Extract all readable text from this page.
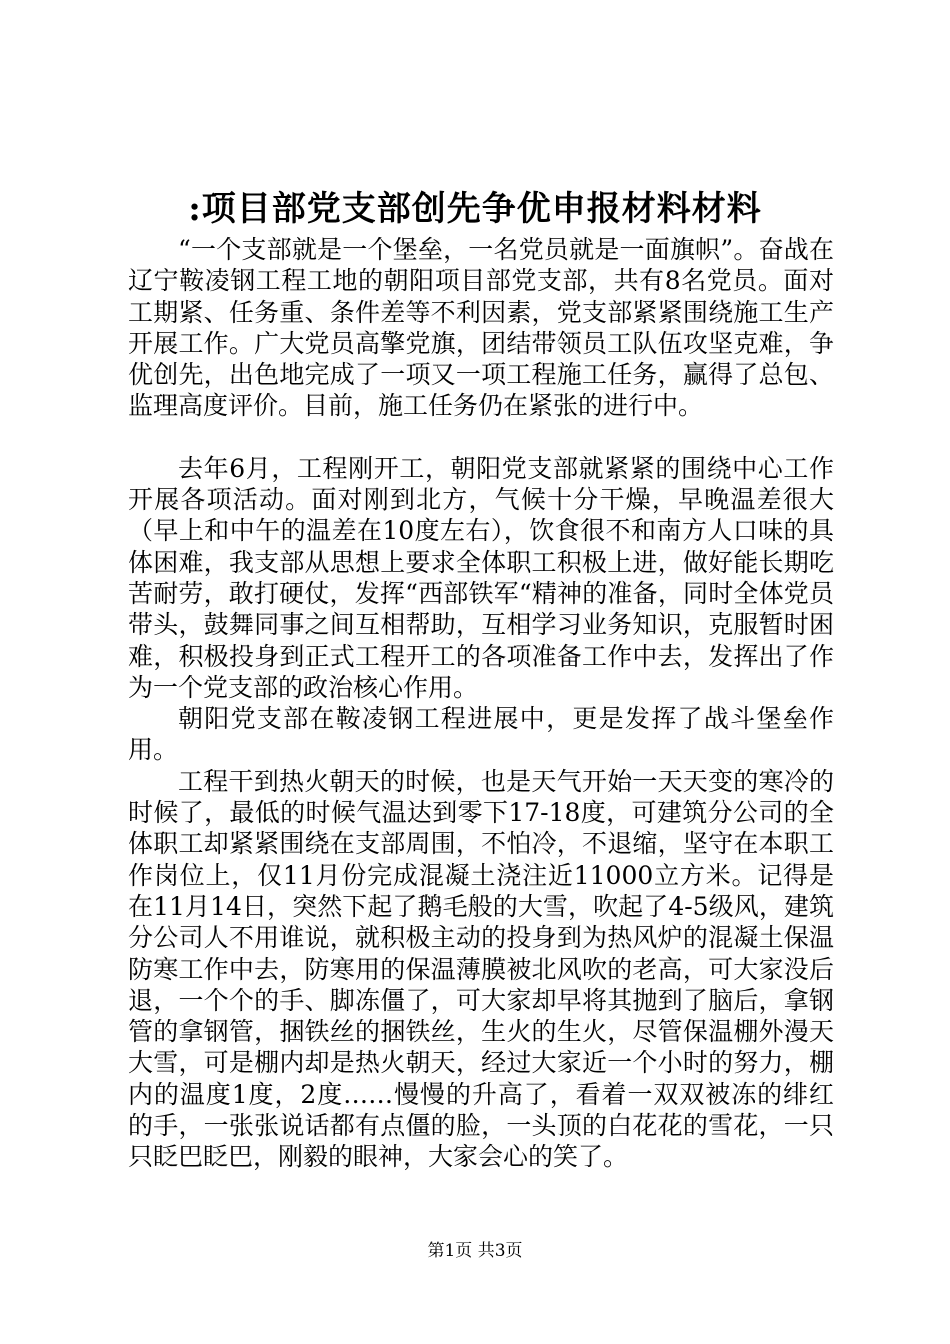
:项目部党支部创先争优申报材料材料

“一个支部就是一个堡垒，一名党员就是一面旗帜”。奋战在辽宁鞍凌钢工程工地的朝阳项目部党支部，共有8名党员。面对工期紧、任务重、条件差等不利因素，党支部紧紧围绕施工生产开展工作。广大党员高擎党旗，团结带领员工队伍攻坚克难，争优创先，出色地完成了一项又一项工程施工任务，赢得了总包、监理高度评价。目前，施工任务仍在紧张的进行中。

去年6月，工程刚开工，朝阳党支部就紧紧的围绕中心工作开展各项活动。面对刚到北方，气候十分干燥，早晚温差很大（早上和中午的温差在10度左右），饮食很不和南方人口味的具体困难，我支部从思想上要求全体职工积极上进，做好能长期吃苦耐劳，敢打硬仗，发挥“西部铁军“精神的准备，同时全体党员带头，鼓舞同事之间互相帮助，互相学习业务知识，克服暂时困难，积极投身到正式工程开工的各项准备工作中去，发挥出了作为一个党支部的政治核心作用。

朝阳党支部在鞍凌钢工程进展中，更是发挥了战斗堡垒作用。

工程干到热火朝天的时候，也是天气开始一天天变的寒冷的时候了，最低的时候气温达到零下17-18度，可建筑分公司的全体职工却紧紧围绕在支部周围，不怕冷，不退缩，坚守在本职工作岗位上，仅11月份完成混凝土浇注近11000立方米。记得是在11月14日，突然下起了鹅毛般的大雪，吹起了4-5级风，建筑分公司人不用谁说，就积极主动的投身到为热风炉的混凝土保温防寒工作中去，防寒用的保温薄膜被北风吹的老高，可大家没后退，一个个的手、脚冻僵了，可大家却早将其抛到了脑后，拿钢管的拿钢管，捆铁丝的捆铁丝，生火的生火，尽管保温棚外漫天大雪，可是棚内却是热火朝天，经过大家近一个小时的努力，棚内的温度1度，2度……慢慢的升高了，看着一双双被冻的绯红的手，一张张说话都有点僵的脸，一头顶的白花花的雪花，一只只眨巴眨巴，刚毅的眼神，大家会心的笑了。

第1页 共3页
